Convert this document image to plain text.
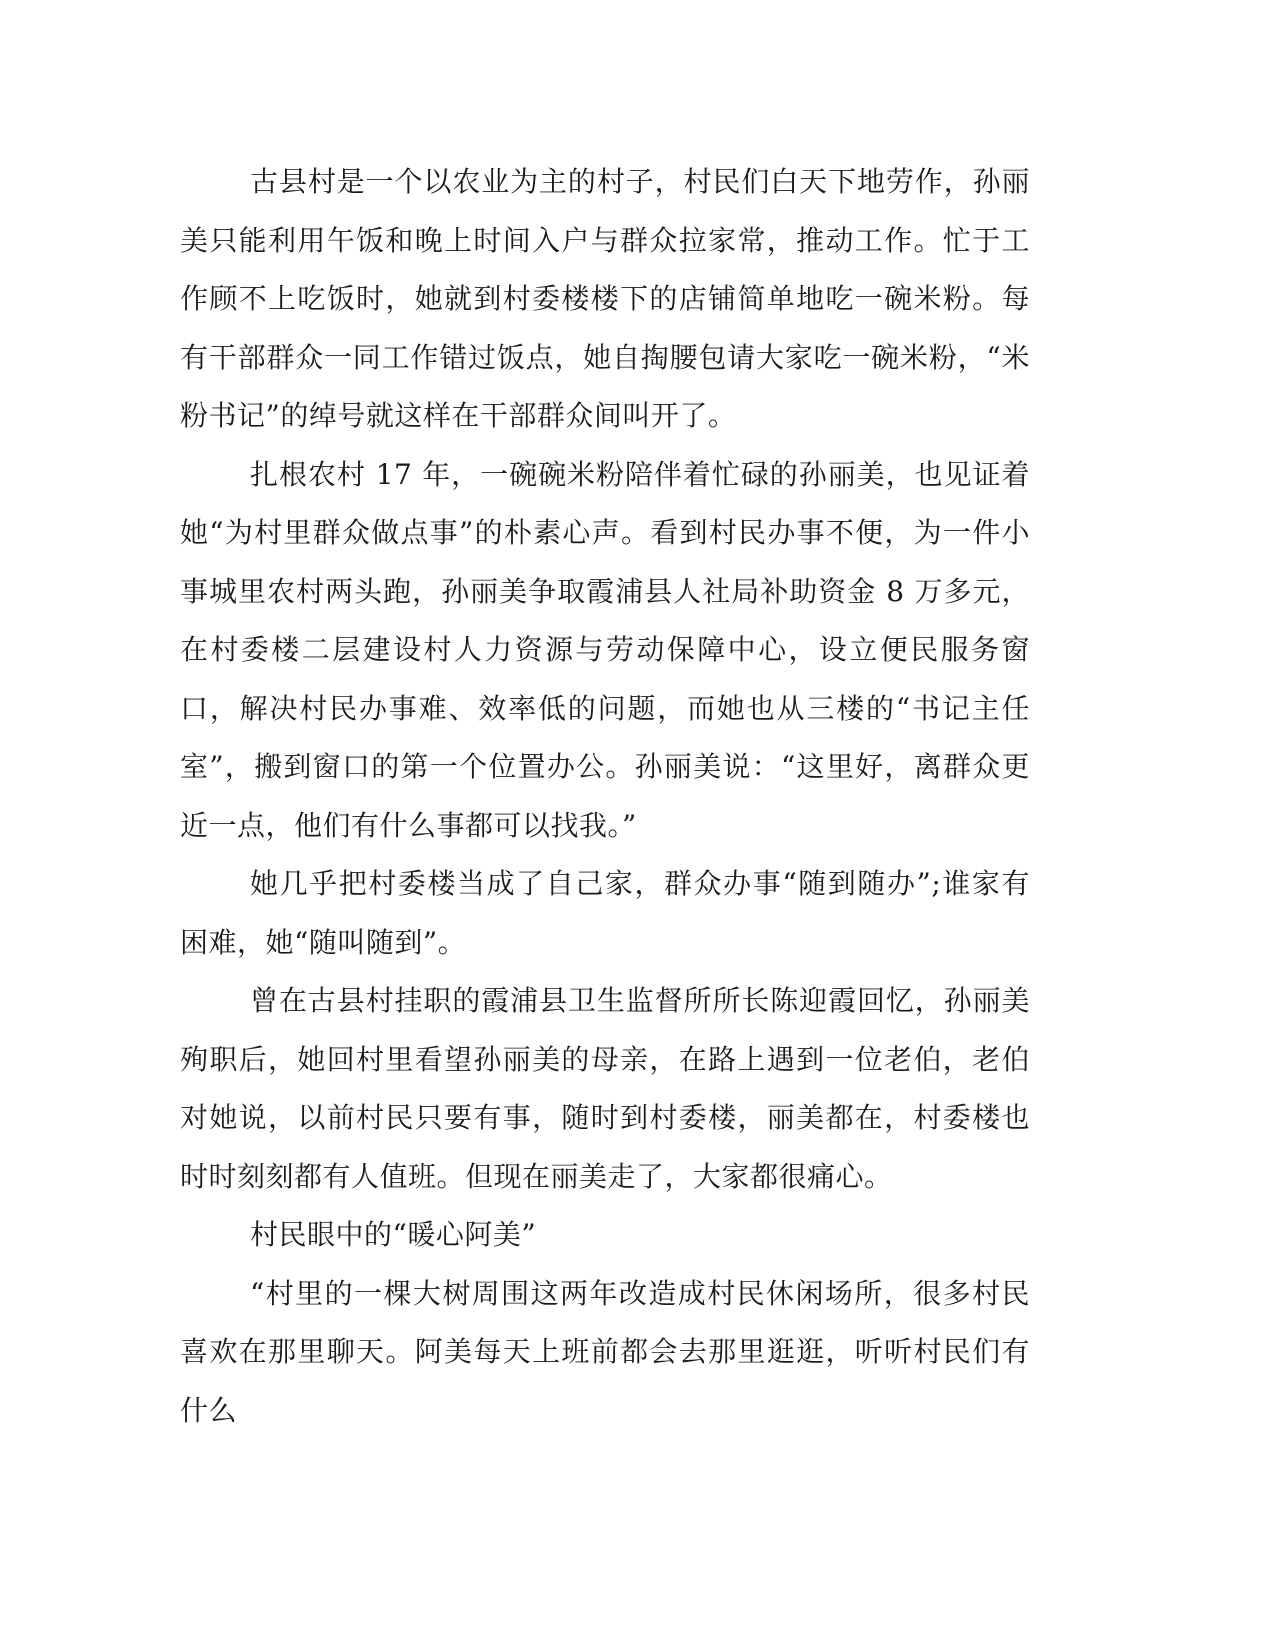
古县村是一个以农业为主的村子，村民们白天下地劳作，孙丽美只能利用午饭和晚上时间入户与群众拉家常，推动工作。忙于工作顾不上吃饭时，她就到村委楼楼下的店铺简单地吃一碗米粉。每有干部群众一同工作错过饭点，她自掏腰包请大家吃一碗米粉，“米粉书记”的绰号就这样在干部群众间叫开了。

扎根农村 17 年，一碗碗米粉陪伴着忙碌的孙丽美，也见证着她“为村里群众做点事”的朴素心声。看到村民办事不便，为一件小事城里农村两头跑，孙丽美争取霞浦县人社局补助资金 8 万多元，在村委楼二层建设村人力资源与劳动保障中心，设立便民服务窗口，解决村民办事难、效率低的问题，而她也从三楼的“书记主任室”，搬到窗口的第一个位置办公。孙丽美说：“这里好，离群众更近一点，他们有什么事都可以找我。”

她几乎把村委楼当成了自己家，群众办事“随到随办”;谁家有困难，她“随叫随到”。

曾在古县村挂职的霞浦县卫生监督所所长陈迎霞回忆，孙丽美殉职后，她回村里看望孙丽美的母亲，在路上遇到一位老伯，老伯对她说，以前村民只要有事，随时到村委楼，丽美都在，村委楼也时时刻刻都有人值班。但现在丽美走了，大家都很痛心。

村民眼中的“暖心阿美”

“村里的一棵大树周围这两年改造成村民休闲场所，很多村民喜欢在那里聊天。阿美每天上班前都会去那里逛逛，听听村民们有什么
